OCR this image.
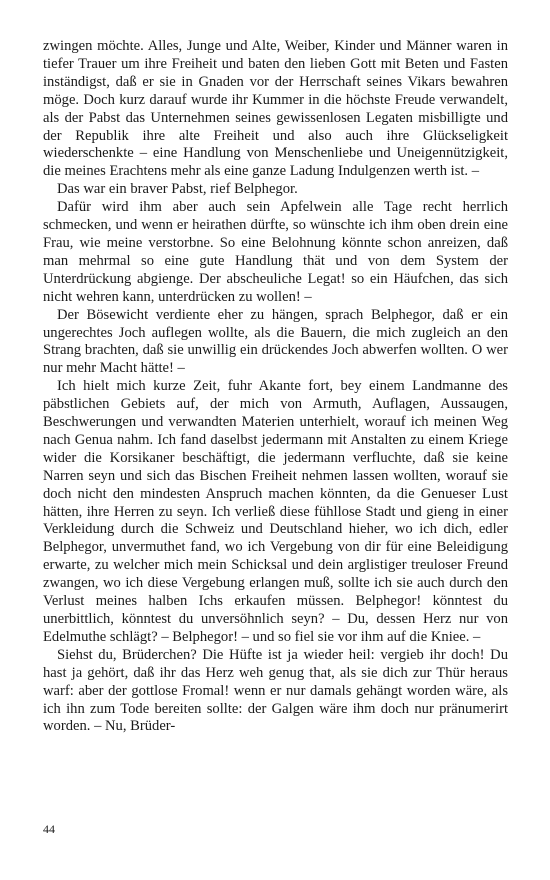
zwingen möchte. Alles, Junge und Alte, Weiber, Kinder und Männer waren in tiefer Trauer um ihre Freiheit und baten den lieben Gott mit Beten und Fasten inständigst, daß er sie in Gnaden vor der Herrschaft seines Vikars bewahren möge. Doch kurz darauf wurde ihr Kummer in die höchste Freude verwandelt, als der Pabst das Unternehmen seines gewissenlosen Legaten misbilligte und der Republik ihre alte Freiheit und also auch ihre Glückseligkeit wiederschenkte – eine Handlung von Menschenliebe und Uneigennützigkeit, die meines Erachtens mehr als eine ganze Ladung Indulgenzen werth ist. –

Das war ein braver Pabst, rief Belphegor.

Dafür wird ihm aber auch sein Apfelwein alle Tage recht herrlich schmecken, und wenn er heirathen dürfte, so wünschte ich ihm oben drein eine Frau, wie meine verstorbne. So eine Belohnung könnte schon anreizen, daß man mehrmal so eine gute Handlung thät und von dem System der Unterdrückung abgienge. Der abscheuliche Legat! so ein Häufchen, das sich nicht wehren kann, unterdrücken zu wollen! –

Der Bösewicht verdiente eher zu hängen, sprach Belphegor, daß er ein ungerechtes Joch auflegen wollte, als die Bauern, die mich zugleich an den Strang brachten, daß sie unwillig ein drückendes Joch abwerfen wollten. O wer nur mehr Macht hätte! –

Ich hielt mich kurze Zeit, fuhr Akante fort, bey einem Landmanne des päbstlichen Gebiets auf, der mich von Armuth, Auflagen, Aussaugen, Beschwerungen und verwandten Materien unterhielt, worauf ich meinen Weg nach Genua nahm. Ich fand daselbst jedermann mit Anstalten zu einem Kriege wider die Korsikaner beschäftigt, die jedermann verfluchte, daß sie keine Narren seyn und sich das Bischen Freiheit nehmen lassen wollten, worauf sie doch nicht den mindesten Anspruch machen könnten, da die Genueser Lust hätten, ihre Herren zu seyn. Ich verließ diese fühllose Stadt und gieng in einer Verkleidung durch die Schweiz und Deutschland hieher, wo ich dich, edler Belphegor, unvermuthet fand, wo ich Vergebung von dir für eine Beleidigung erwarte, zu welcher mich mein Schicksal und dein arglistiger treuloser Freund zwangen, wo ich diese Vergebung erlangen muß, sollte ich sie auch durch den Verlust meines halben Ichs erkaufen müssen. Belphegor! könntest du unerbittlich, könntest du unversöhnlich seyn? – Du, dessen Herz nur von Edelmuthe schlägt? – Belphegor! – und so fiel sie vor ihm auf die Kniee. –

Siehst du, Brüderchen? Die Hüfte ist ja wieder heil: vergieb ihr doch! Du hast ja gehört, daß ihr das Herz weh genug that, als sie dich zur Thür heraus warf: aber der gottlose Fromal! wenn er nur damals gehängt worden wäre, als ich ihn zum Tode bereiten sollte: der Galgen wäre ihm doch nur pränumerirt worden. – Nu, Brüder-

44
